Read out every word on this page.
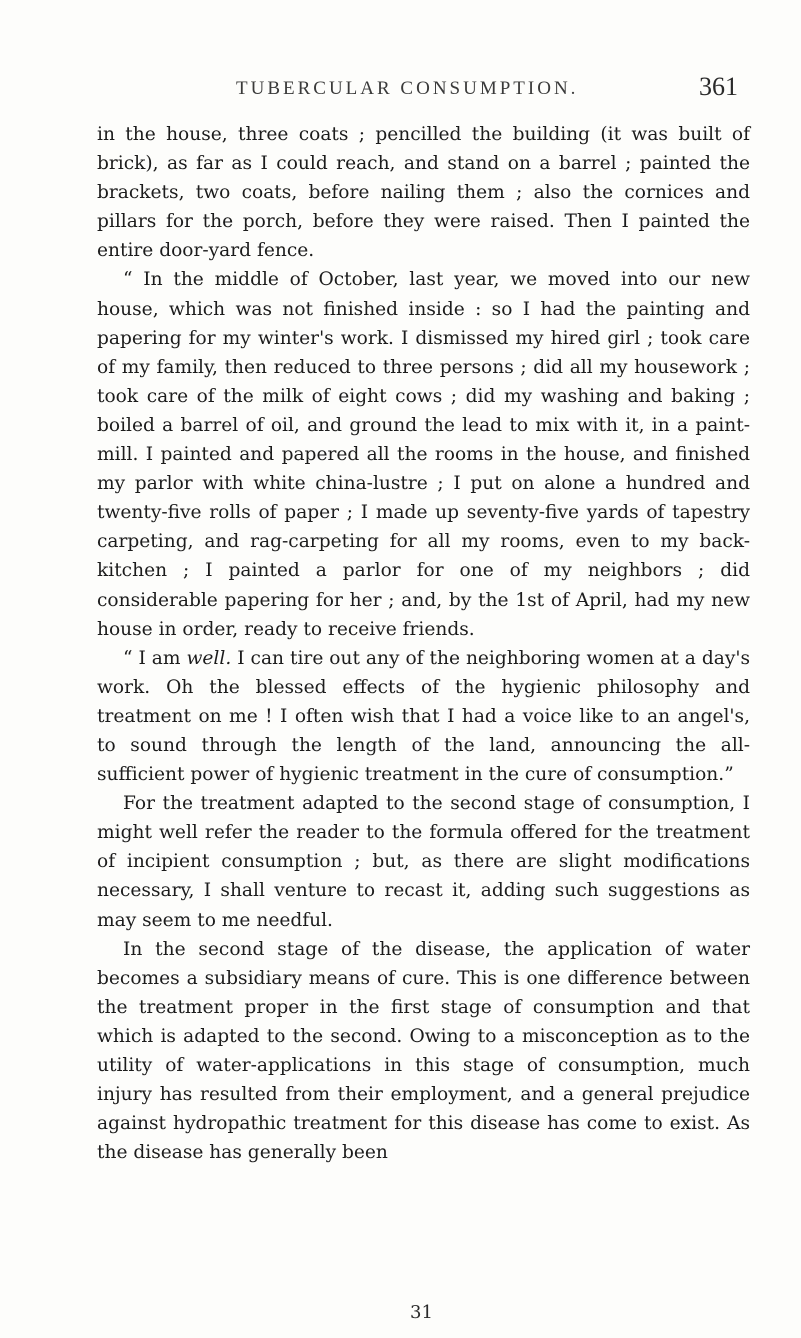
TUBERCULAR CONSUMPTION.	361

in the house, three coats ; pencilled the building (it was built of brick), as far as I could reach, and stand on a barrel ; painted the brackets, two coats, before nailing them ; also the cornices and pillars for the porch, before they were raised. Then I painted the entire door-yard fence.

“ In the middle of October, last year, we moved into our new house, which was not finished inside : so I had the painting and papering for my winter's work. I dismissed my hired girl ; took care of my family, then reduced to three persons ; did all my housework ; took care of the milk of eight cows ; did my washing and baking ; boiled a barrel of oil, and ground the lead to mix with it, in a paint-mill. I painted and papered all the rooms in the house, and finished my parlor with white china-lustre ; I put on alone a hundred and twenty-five rolls of paper ; I made up seventy-five yards of tapestry carpeting, and rag-carpeting for all my rooms, even to my back-kitchen ; I painted a parlor for one of my neighbors ; did considerable papering for her ; and, by the 1st of April, had my new house in order, ready to receive friends.

“ I am well. I can tire out any of the neighboring women at a day's work. Oh the blessed effects of the hygienic philosophy and treatment on me ! I often wish that I had a voice like to an angel's, to sound through the length of the land, announcing the all-sufficient power of hygienic treatment in the cure of consumption.”

For the treatment adapted to the second stage of consumption, I might well refer the reader to the formula offered for the treatment of incipient consumption ; but, as there are slight modifications necessary, I shall venture to recast it, adding such suggestions as may seem to me needful.

In the second stage of the disease, the application of water becomes a subsidiary means of cure. This is one difference between the treatment proper in the first stage of consumption and that which is adapted to the second. Owing to a misconception as to the utility of water-applications in this stage of consumption, much injury has resulted from their employment, and a general prejudice against hydropathic treatment for this disease has come to exist. As the disease has generally been

31
